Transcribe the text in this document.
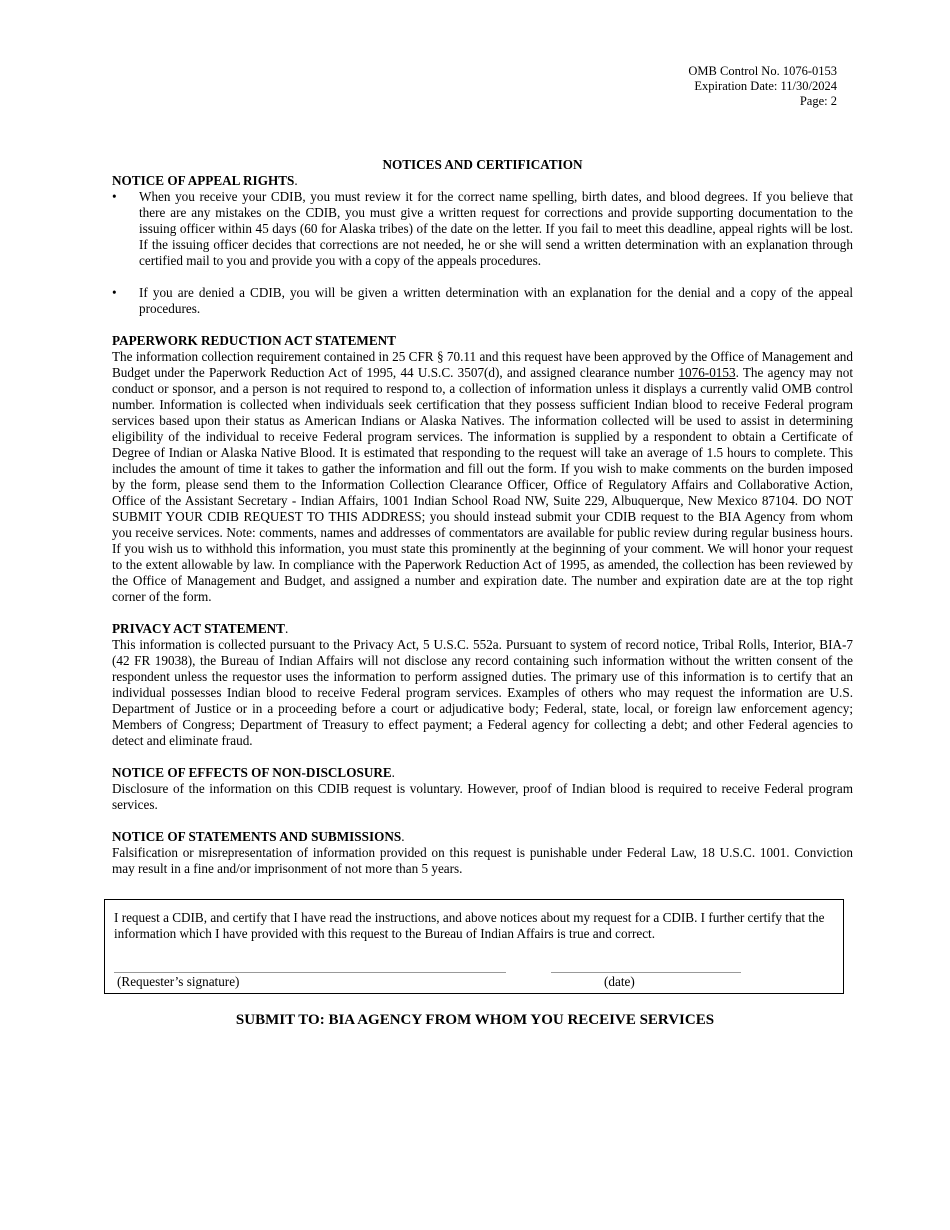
OMB Control No. 1076-0153
Expiration Date: 11/30/2024
Page: 2
NOTICES AND CERTIFICATION
NOTICE OF APPEAL RIGHTS.
• When you receive your CDIB, you must review it for the correct name spelling, birth dates, and blood degrees. If you believe that there are any mistakes on the CDIB, you must give a written request for corrections and provide supporting documentation to the issuing officer within 45 days (60 for Alaska tribes) of the date on the letter. If you fail to meet this deadline, appeal rights will be lost. If the issuing officer decides that corrections are not needed, he or she will send a written determination with an explanation through certified mail to you and provide you with a copy of the appeals procedures.
• If you are denied a CDIB, you will be given a written determination with an explanation for the denial and a copy of the appeal procedures.
PAPERWORK REDUCTION ACT STATEMENT

The information collection requirement contained in 25 CFR § 70.11 and this request have been approved by the Office of Management and Budget under the Paperwork Reduction Act of 1995, 44 U.S.C. 3507(d), and assigned clearance number 1076-0153. The agency may not conduct or sponsor, and a person is not required to respond to, a collection of information unless it displays a currently valid OMB control number. Information is collected when individuals seek certification that they possess sufficient Indian blood to receive Federal program services based upon their status as American Indians or Alaska Natives. The information collected will be used to assist in determining eligibility of the individual to receive Federal program services. The information is supplied by a respondent to obtain a Certificate of Degree of Indian or Alaska Native Blood. It is estimated that responding to the request will take an average of 1.5 hours to complete. This includes the amount of time it takes to gather the information and fill out the form. If you wish to make comments on the burden imposed by the form, please send them to the Information Collection Clearance Officer, Office of Regulatory Affairs and Collaborative Action, Office of the Assistant Secretary - Indian Affairs, 1001 Indian School Road NW, Suite 229, Albuquerque, New Mexico 87104. DO NOT SUBMIT YOUR CDIB REQUEST TO THIS ADDRESS; you should instead submit your CDIB request to the BIA Agency from whom you receive services. Note: comments, names and addresses of commentators are available for public review during regular business hours. If you wish us to withhold this information, you must state this prominently at the beginning of your comment. We will honor your request to the extent allowable by law. In compliance with the Paperwork Reduction Act of 1995, as amended, the collection has been reviewed by the Office of Management and Budget, and assigned a number and expiration date. The number and expiration date are at the top right corner of the form.

PRIVACY ACT STATEMENT.

This information is collected pursuant to the Privacy Act, 5 U.S.C. 552a. Pursuant to system of record notice, Tribal Rolls, Interior, BIA-7 (42 FR 19038), the Bureau of Indian Affairs will not disclose any record containing such information without the written consent of the respondent unless the requestor uses the information to perform assigned duties. The primary use of this information is to certify that an individual possesses Indian blood to receive Federal program services. Examples of others who may request the information are U.S. Department of Justice or in a proceeding before a court or adjudicative body; Federal, state, local, or foreign law enforcement agency; Members of Congress; Department of Treasury to effect payment; a Federal agency for collecting a debt; and other Federal agencies to detect and eliminate fraud.

NOTICE OF EFFECTS OF NON-DISCLOSURE.

Disclosure of the information on this CDIB request is voluntary. However, proof of Indian blood is required to receive Federal program services.

NOTICE OF STATEMENTS AND SUBMISSIONS.

Falsification or misrepresentation of information provided on this request is punishable under Federal Law, 18 U.S.C. 1001. Conviction may result in a fine and/or imprisonment of not more than 5 years.

I request a CDIB, and certify that I have read the instructions, and above notices about my request for a CDIB. I further certify that the information which I have provided with this request to the Bureau of Indian Affairs is true and correct.
(Requester’s signature)	(date)
SUBMIT TO: BIA AGENCY FROM WHOM YOU RECEIVE SERVICES
